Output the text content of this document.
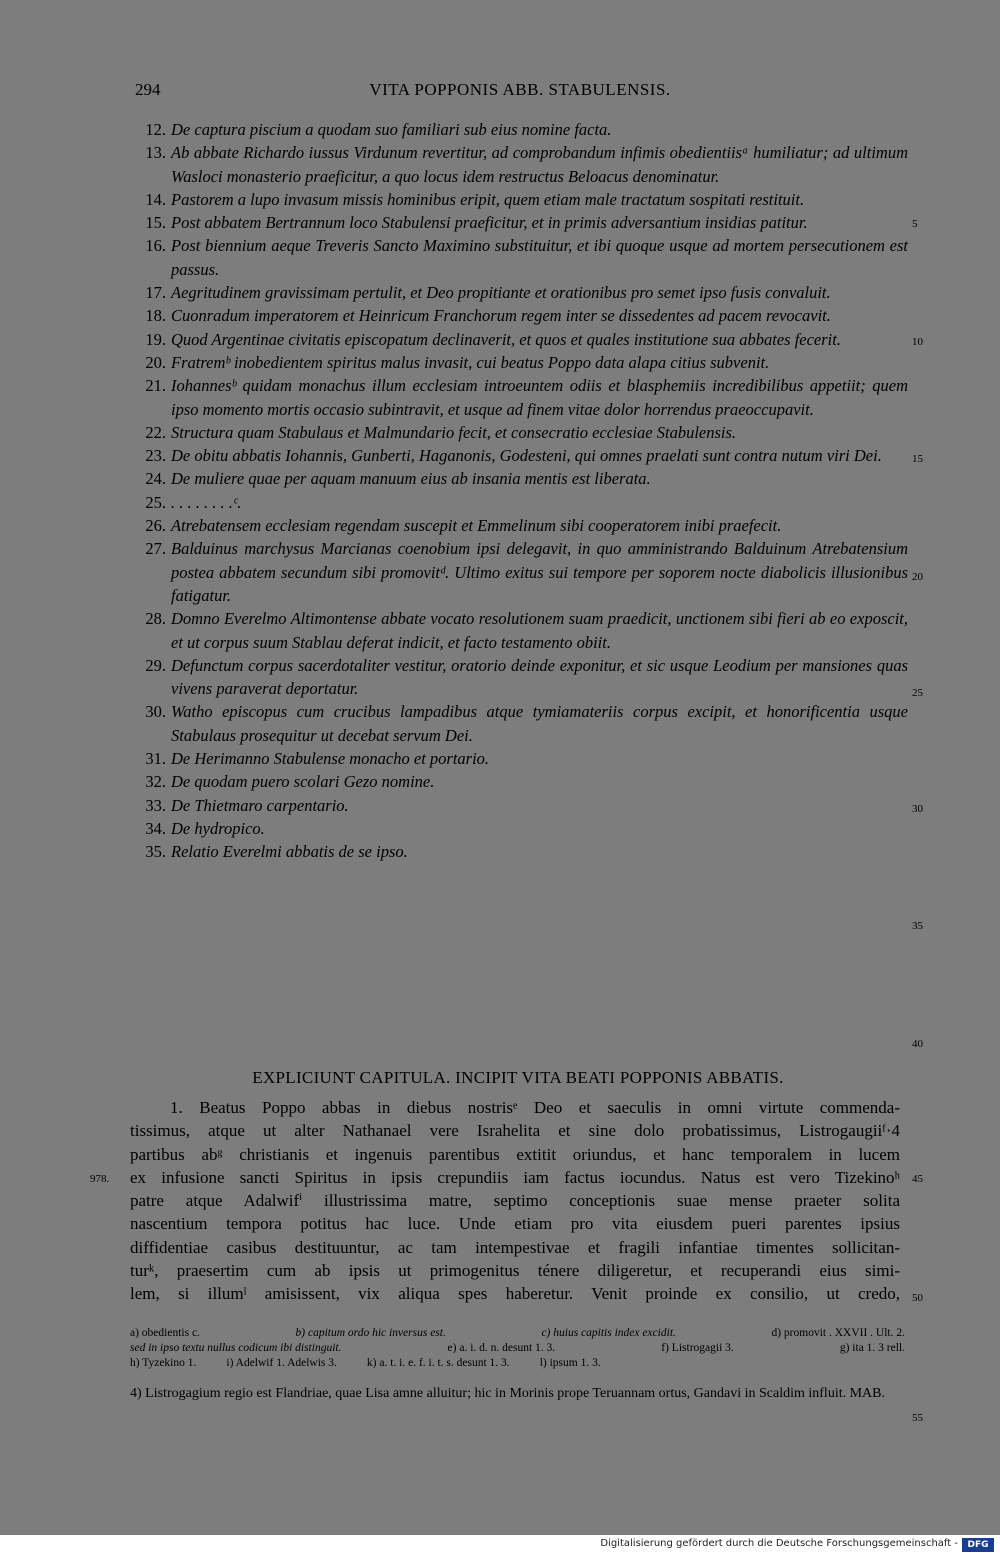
294	VITA POPPONIS ABB. STABULENSIS.
12. De captura piscium a quodam suo familiari sub eius nomine facta.
13. Ab abbate Richardo iussus Virdunum revertitur, ad comprobandum infimis obedientiisᵃ humiliatur; ad ultimum Wasloci monasterio praeficitur, a quo locus idem restructus Beloacus denominatur.
14. Pastorem a lupo invasum missis hominibus eripit, quem etiam male tractatum sospitati restituit.
15. Post abbatem Bertrannum loco Stabulensi praeficitur, et in primis adversantium insidias patitur.
16. Post biennium aeque Treveris Sancto Maximino substituitur, et ibi quoque usque ad mortem persecutionem est passus.
17. Aegritudinem gravissimam pertulit, et Deo propitiante et orationibus pro semet ipso fusis convaluit.
18. Cuonradum imperatorem et Heinricum Franchorum regem inter se dissedentes ad pacem revocavit.
19. Quod Argentinae civitatis episcopatum declinaverit, et quos et quales institutione sua abbates fecerit.
20. Fratremᵇ inobedientem spiritus malus invasit, cui beatus Poppo data alapa citius subvenit.
21. Iohannesᵇ quidam monachus illum ecclesiam introeuntem odiis et blasphemiis incredibilibus appetiit; quem ipso momento mortis occasio subintravit, et usque ad finem vitae dolor horrendus praeoccupavit.
22. Structura quam Stabulaus et Malmundario fecit, et consecratio ecclesiae Stabulensis.
23. De obitu abbatis Iohannis, Gunberti, Haganonis, Godesteni, qui omnes praelati sunt contra nutum viri Dei.
24. De muliere quae per aquam manuum eius ab insania mentis est liberata.
25. . . . . . . . .ᶜ.
26. Atrebatensem ecclesiam regendam suscepit et Emmelinum sibi cooperatorem inibi praefecit.
27. Balduinus marchysus Marcianas coenobium ipsi delegavit, in quo amministrando Balduinum Atrebatensium postea abbatem secundum sibi promovitᵈ. Ultimo exitus sui tempore per soporem nocte diabolicis illusionibus fatigatur.
28. Domno Everelmo Altimontense abbate vocato resolutionem suam praedicit, unctionem sibi fieri ab eo exposcit, et ut corpus suum Stablau deferat indicit, et facto testamento obiit.
29. Defunctum corpus sacerdotaliter vestitur, oratorio deinde exponitur, et sic usque Leodium per mansiones quas vivens paraverat deportatur.
30. Watho episcopus cum crucibus lampadibus atque tymiamateriis corpus excipit, et honorificentia usque Stabulaus prosequitur ut decebat servum Dei.
31. De Herimanno Stabulense monacho et portario.
32. De quodam puero scolari Gezo nomine.
33. De Thietmaro carpentario.
34. De hydropico.
35. Relatio Everelmi abbatis de se ipso.
5
10
15
20
25
30
35
40
45
50
55
978.
EXPLICIUNT CAPITULA. INCIPIT VITA BEATI POPPONIS ABBATIS.
1. Beatus Poppo abbas in diebus nostrisᵉ Deo et saeculis in omni virtute commenda-
tissimus, atque ut alter Nathanael vere Israhelita et sine dolo probatissimus, Listrogaugiiᶠ·4
partibus abᵍ christianis et ingenuis parentibus extitit oriundus, et hanc temporalem in lucem
ex infusione sancti Spiritus in ipsis crepundiis iam factus iocundus. Natus est vero Tizekinoʰ
patre atque Adalwifⁱ illustrissima matre, septimo conceptionis suae mense praeter solita
nascentium tempora potitus hac luce. Unde etiam pro vita eiusdem pueri parentes ipsius
diffidentiae casibus destituuntur, ac tam intempestivae et fragili infantiae timentes sollicitan-
turᵏ, praesertim cum ab ipsis ut primogenitus ténere diligeretur, et recuperandi eius simi-
lem, si illumˡ amisissent, vix aliqua spes haberetur. Venit proinde ex consilio, ut credo,
a) obedientis c.	b) capitum ordo hic inversus est.	c) huius capitis index excidit.	d) promovit . XXVII . Ult. 2.
sed in ipso textu nullus codicum ibi distinguit.	e) a. i. d. n. desunt 1. 3.	f) Listrogagii 3.	g) ita 1. 3 rell.
h) Tyzekino 1.	i) Adelwif 1. Adelwis 3.	k) a. t. i. e. f. i. t. s. desunt 1. 3.	l) ipsum 1. 3.
4) Listrogagium regio est Flandriae, quae Lisa amne alluitur; hic in Morinis prope Teruannam ortus, Gandavi in Scaldim influit. MAB.
Digitalisierung gefördert durch die Deutsche Forschungsgemeinschaft -	DFG
